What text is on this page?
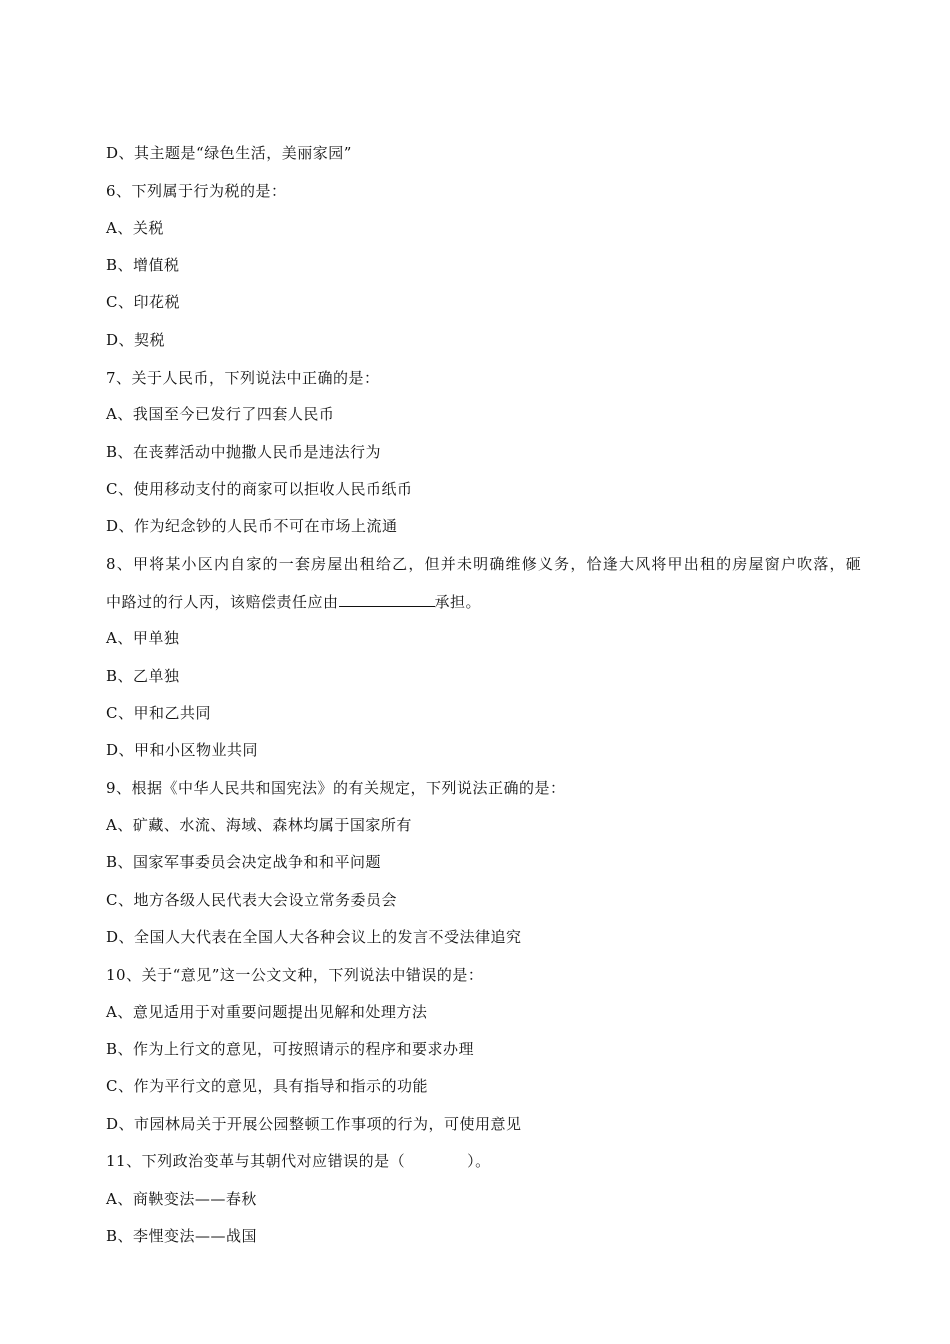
D、其主题是“绿色生活，美丽家园”
6、下列属于行为税的是：
A、关税
B、增值税
C、印花税
D、契税
7、关于人民币，下列说法中正确的是：
A、我国至今已发行了四套人民币
B、在丧葬活动中抛撒人民币是违法行为
C、使用移动支付的商家可以拒收人民币纸币
D、作为纪念钞的人民币不可在市场上流通
8、甲将某小区内自家的一套房屋出租给乙，但并未明确维修义务，恰逢大风将甲出租的房屋窗户吹落，砸
中路过的行人丙，该赔偿责任应由	承担。
A、甲单独
B、乙单独
C、甲和乙共同
D、甲和小区物业共同
9、根据《中华人民共和国宪法》的有关规定，下列说法正确的是：
A、矿藏、水流、海域、森林均属于国家所有
B、国家军事委员会决定战争和和平问题
C、地方各级人民代表大会设立常务委员会
D、全国人大代表在全国人大各种会议上的发言不受法律追究
10、关于“意见”这一公文文种，下列说法中错误的是：
A、意见适用于对重要问题提出见解和处理方法
B、作为上行文的意见，可按照请示的程序和要求办理
C、作为平行文的意见，具有指导和指示的功能
D、市园林局关于开展公园整顿工作事项的行为，可使用意见
11、下列政治变革与其朝代对应错误的是（　　　　）。
A、商鞅变法——春秋
B、李悝变法——战国
